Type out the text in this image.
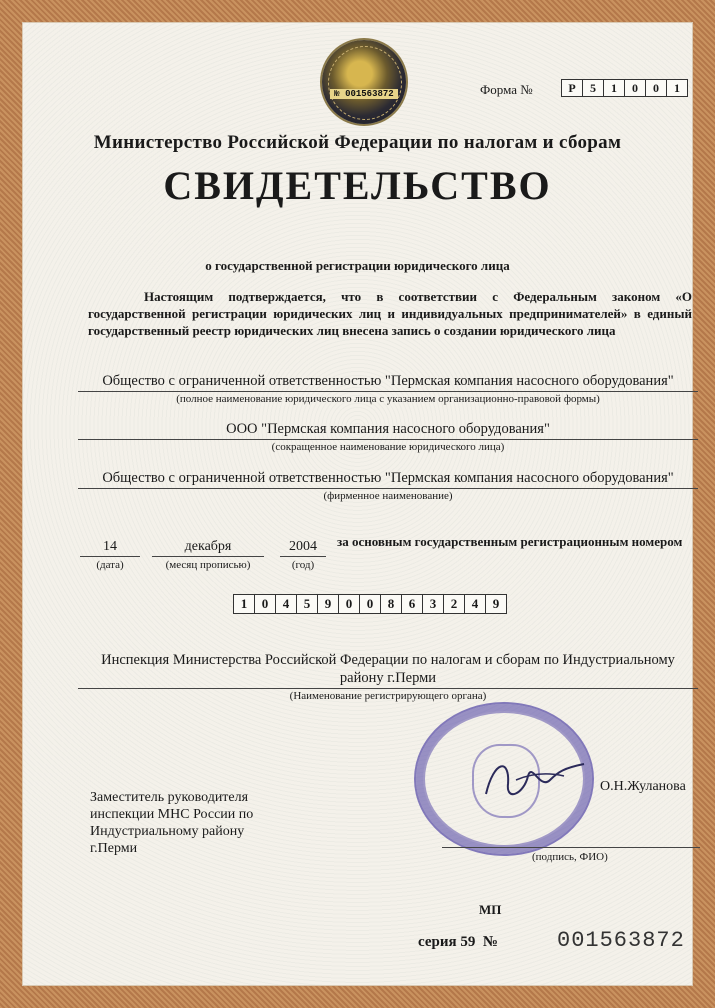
№ 001563872	Форма №	Р	5	1	0	0	1
Министерство Российской Федерации по налогам и сборам
СВИДЕТЕЛЬСТВО
о государственной регистрации юридического лица
Настоящим подтверждается, что в соответствии с Федеральным законом «О государственной регистрации юридических лиц и индивидуальных предпринимателей» в единый государственный реестр юридических лиц внесена запись о создании юридического лица
Общество с ограниченной ответственностью "Пермская компания насосного оборудования"
(полное наименование юридического лица с указанием организационно-правовой формы)
ООО "Пермская компания насосного оборудования"
(сокращенное наименование юридического лица)
Общество с ограниченной ответственностью "Пермская компания насосного оборудования"
(фирменное наименование)
14
(дата)
декабря
(месяц прописью)
2004
(год)
за основным государственным регистрационным номером
1	0	4	5	9	0	0	8	6	3	2	4	9
Инспекция Министерства Российской Федерации по налогам и сборам по Индустриальному
району г.Перми
(Наименование регистрирующего органа)
О.Н.Жуланова
(подпись, ФИО)
Заместитель руководителя
инспекции МНС России по
Индустриальному району
г.Перми
МП
серия 59 №	001563872
